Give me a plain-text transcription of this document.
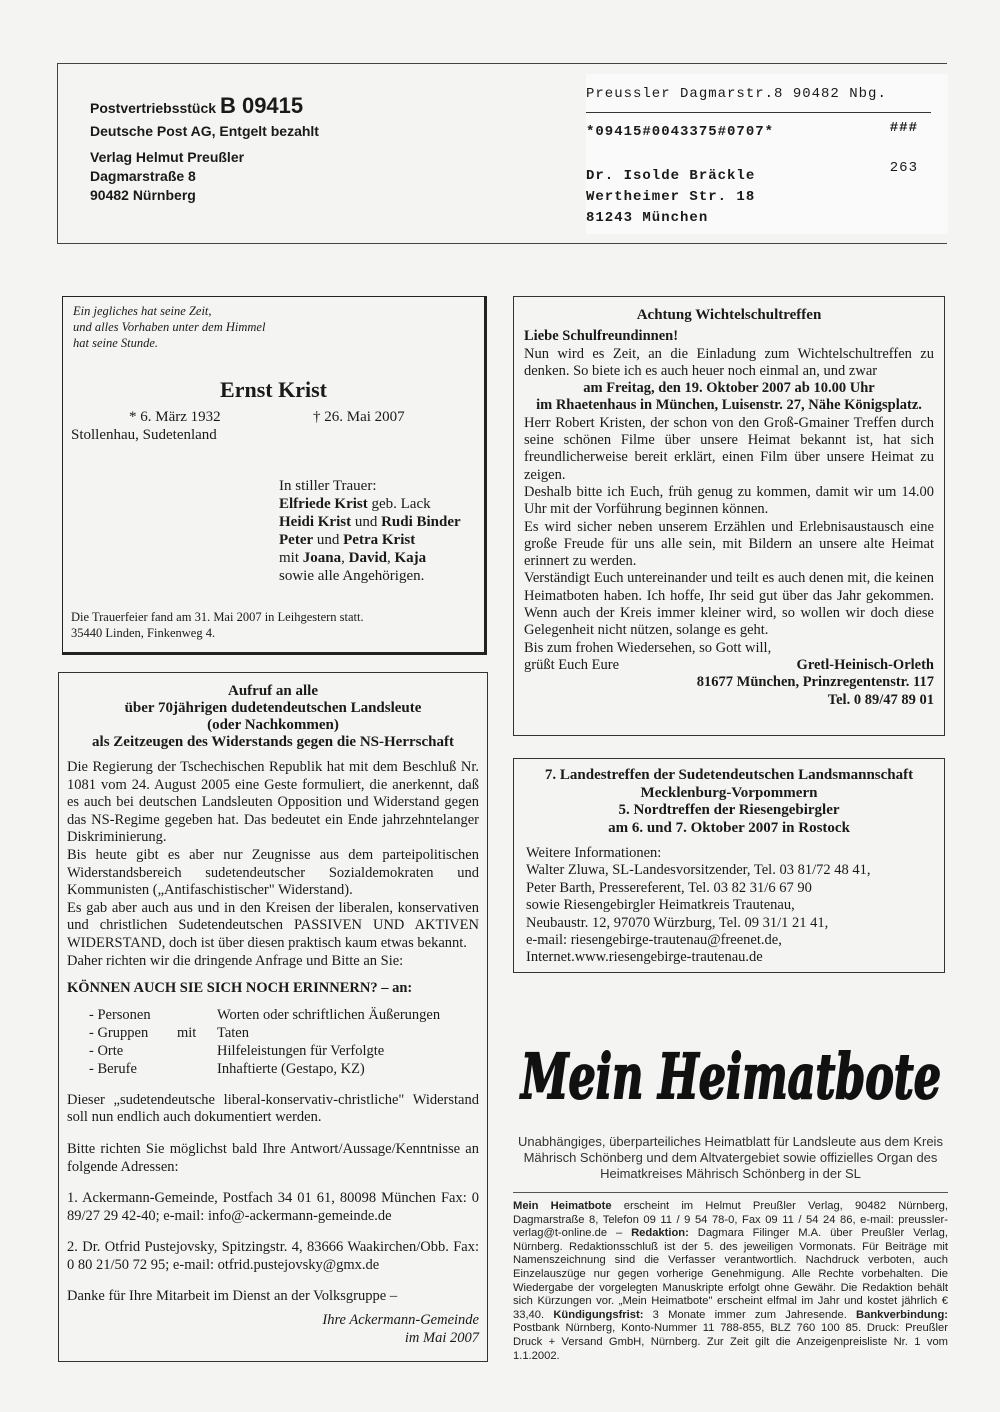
Postvertriebsstück B 09415
Deutsche Post AG, Entgelt bezahlt
Verlag Helmut Preußler
Dagmarstraße 8
90482 Nürnberg
Preussler Dagmarstr.8 90482 Nbg.
*09415#0043375#0707*	###
263
Dr. Isolde Bräckle
Wertheimer Str. 18
81243 München
Ein jegliches hat seine Zeit,
und alles Vorhaben unter dem Himmel
hat seine Stunde.
Ernst Krist
* 6. März 1932	† 26. Mai 2007
Stollenhau, Sudetenland
In stiller Trauer:
Elfriede Krist geb. Lack
Heidi Krist und Rudi Binder
Peter und Petra Krist
mit Joana, David, Kaja
sowie alle Angehörigen.
Die Trauerfeier fand am 31. Mai 2007 in Leihgestern statt.
35440 Linden, Finkenweg 4.
Achtung Wichtelschultreffen
Liebe Schulfreundinnen!

Nun wird es Zeit, an die Einladung zum Wichtelschultreffen zu denken. So biete ich es auch heuer noch einmal an, und zwar

am Freitag, den 19. Oktober 2007 ab 10.00 Uhr
im Rhaetenhaus in München, Luisenstr. 27, Nähe Königsplatz.

Herr Robert Kristen, der schon von den Groß-Gmainer Treffen durch seine schönen Filme über unsere Heimat bekannt ist, hat sich freundlicherweise bereit erklärt, einen Film über unsere Heimat zu zeigen.

Deshalb bitte ich Euch, früh genug zu kommen, damit wir um 14.00 Uhr mit der Vorführung beginnen können.

Es wird sicher neben unserem Erzählen und Erlebnisaustausch eine große Freude für uns alle sein, mit Bildern an unsere alte Heimat erinnert zu werden.

Verständigt Euch untereinander und teilt es auch denen mit, die keinen Heimatboten haben. Ich hoffe, Ihr seid gut über das Jahr gekommen. Wenn auch der Kreis immer kleiner wird, so wollen wir doch diese Gelegenheit nicht nützen, solange es geht.

Bis zum frohen Wiedersehen, so Gott will,

grüßt Euch Eure	Gretl-Heinisch-Orleth
81677 München, Prinzregentenstr. 117
Tel. 0 89/47 89 01
Aufruf an alle
über 70jährigen dudetendeutschen Landsleute
(oder Nachkommen)
als Zeitzeugen des Widerstands gegen die NS-Herrschaft

Die Regierung der Tschechischen Republik hat mit dem Beschluß Nr. 1081 vom 24. August 2005 eine Geste formuliert, die anerkennt, daß es auch bei deutschen Landsleuten Opposition und Widerstand gegen das NS-Regime gegeben hat. Das bedeutet ein Ende jahrzehntelanger Diskriminierung.

Bis heute gibt es aber nur Zeugnisse aus dem parteipolitischen Widerstandsbereich sudetendeutscher Sozialdemokraten und Kommunisten („Antifaschistischer" Widerstand).

Es gab aber auch aus und in den Kreisen der liberalen, konservativen und christlichen Sudetendeutschen PASSIVEN UND AKTIVEN WIDERSTAND, doch ist über diesen praktisch kaum etwas bekannt.

Daher richten wir die dringende Anfrage und Bitte an Sie:

KÖNNEN AUCH SIE SICH NOCH ERINNERN? – an:
- Personen		Worten oder schriftlichen Äußerungen
- Gruppen	mit	Taten
- Orte		Hilfeleistungen für Verfolgte
- Berufe		Inhaftierte (Gestapo, KZ)

Dieser „sudetendeutsche liberal-konservativ-christliche" Widerstand soll nun endlich auch dokumentiert werden.

Bitte richten Sie möglichst bald Ihre Antwort/Aussage/Kenntnisse an folgende Adressen:

1. Ackermann-Gemeinde, Postfach 34 01 61, 80098 München Fax: 0 89/27 29 42-40; e-mail: info@-ackermann-gemeinde.de

2. Dr. Otfrid Pustejovsky, Spitzingstr. 4, 83666 Waakirchen/Obb. Fax: 0 80 21/50 72 95; e-mail: otfrid.pustejovsky@gmx.de

Danke für Ihre Mitarbeit im Dienst an der Volksgruppe –

Ihre Ackermann-Gemeinde
im Mai 2007
7. Landestreffen der Sudetendeutschen Landsmannschaft
Mecklenburg-Vorpommern
5. Nordtreffen der Riesengebirgler
am 6. und 7. Oktober 2007 in Rostock
Weitere Informationen:
Walter Zluwa, SL-Landesvorsitzender, Tel. 03 81/72 48 41,
Peter Barth, Pressereferent, Tel. 03 82 31/6 67 90
sowie Riesengebirgler Heimatkreis Trautenau,
Neubaustr. 12, 97070 Würzburg, Tel. 09 31/1 21 41,
e-mail: riesengebirge-trautenau@freenet.de,
Internet.www.riesengebirge-trautenau.de
Mein Heimatbote
Unabhängiges, überparteiliches Heimatblatt für Landsleute aus dem Kreis Mährisch Schönberg und dem Altvatergebiet sowie offizielles Organ des Heimatkreises Mährisch Schönberg in der SL
Mein Heimatbote erscheint im Helmut Preußler Verlag, 90482 Nürnberg, Dagmarstraße 8, Telefon 09 11 / 9 54 78-0, Fax 09 11 / 54 24 86, e-mail: preussler-verlag@t-online.de – Redaktion: Dagmara Filinger M.A. über Preußler Verlag, Nürnberg. Redaktionsschluß ist der 5. des jeweiligen Vormonats. Für Beiträge mit Namenszeichnung sind die Verfasser verantwortlich. Nachdruck verboten, auch Einzelauszüge nur gegen vorherige Genehmigung. Alle Rechte vorbehalten. Die Wiedergabe der vorgelegten Manuskripte erfolgt ohne Gewähr. Die Redaktion behält sich Kürzungen vor. „Mein Heimatbote" erscheint elfmal im Jahr und kostet jährlich € 33,40. Kündigungsfrist: 3 Monate immer zum Jahresende. Bankverbindung: Postbank Nürnberg, Konto-Nummer 11 788-855, BLZ 760 100 85. Druck: Preußler Druck + Versand GmbH, Nürnberg. Zur Zeit gilt die Anzeigenpreisliste Nr. 1 vom 1.1.2002.
